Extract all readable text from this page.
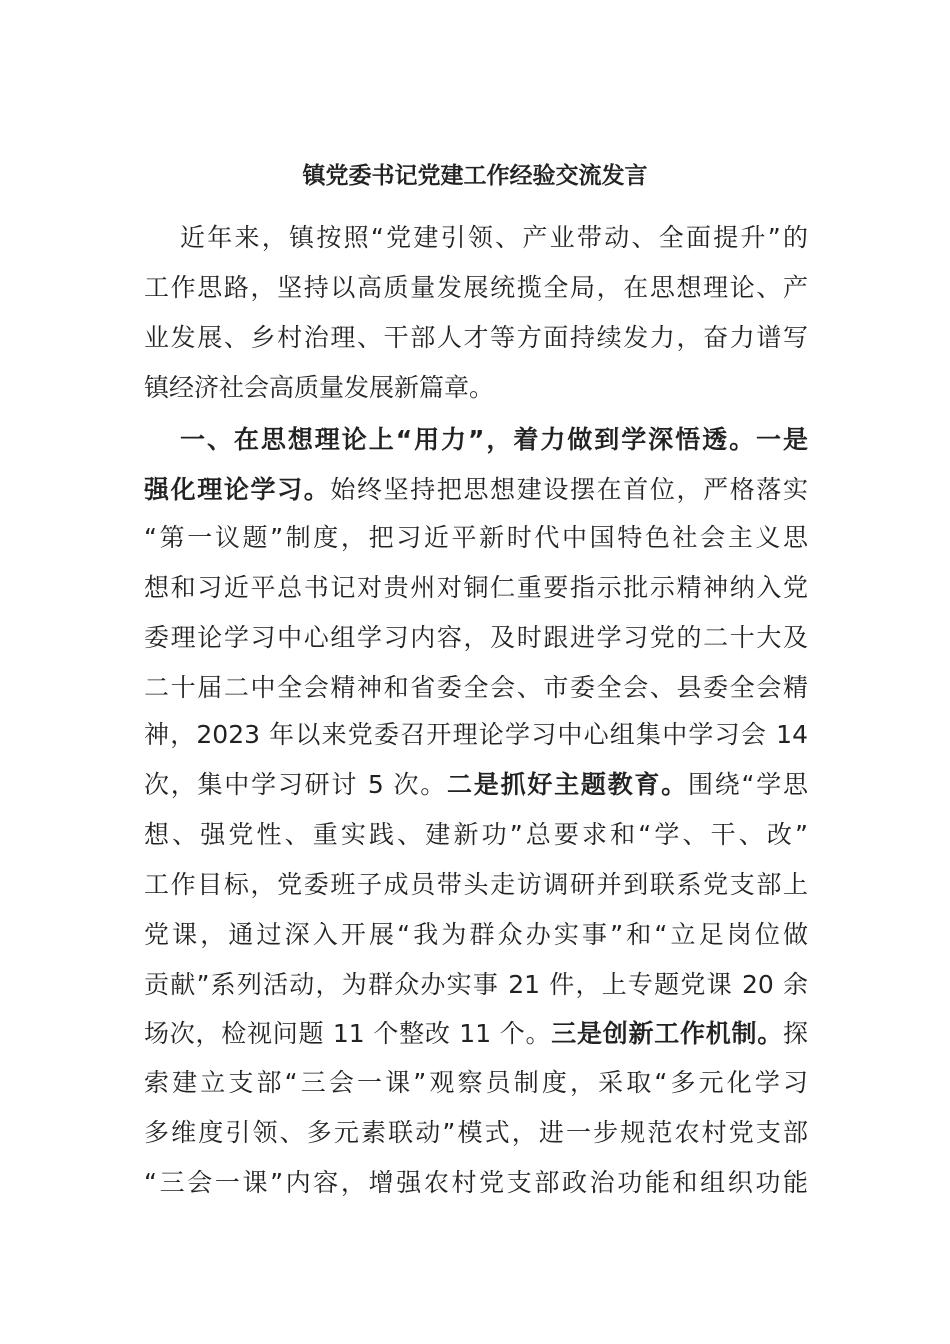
镇党委书记党建工作经验交流发言

近年来，镇按照“党建引领、产业带动、全面提升”的

工作思路，坚持以高质量发展统揽全局，在思想理论、产

业发展、乡村治理、干部人才等方面持续发力，奋力谱写

镇经济社会高质量发展新篇章。

一、在思想理论上“用力”，着力做到学深悟透。一是

强化理论学习。始终坚持把思想建设摆在首位，严格落实

“第一议题”制度，把习近平新时代中国特色社会主义思

想和习近平总书记对贵州对铜仁重要指示批示精神纳入党

委理论学习中心组学习内容，及时跟进学习党的二十大及

二十届二中全会精神和省委全会、市委全会、县委全会精

神，2023 年以来党委召开理论学习中心组集中学习会 14

次，集中学习研讨 5 次。二是抓好主题教育。围绕“学思

想、强党性、重实践、建新功”总要求和“学、干、改”

工作目标，党委班子成员带头走访调研并到联系党支部上

党课，通过深入开展“我为群众办实事”和“立足岗位做

贡献”系列活动，为群众办实事 21 件，上专题党课 20 余

场次，检视问题 11 个整改 11 个。三是创新工作机制。探

索建立支部“三会一课”观察员制度，采取“多元化学习

多维度引领、多元素联动”模式，进一步规范农村党支部

“三会一课”内容，增强农村党支部政治功能和组织功能
